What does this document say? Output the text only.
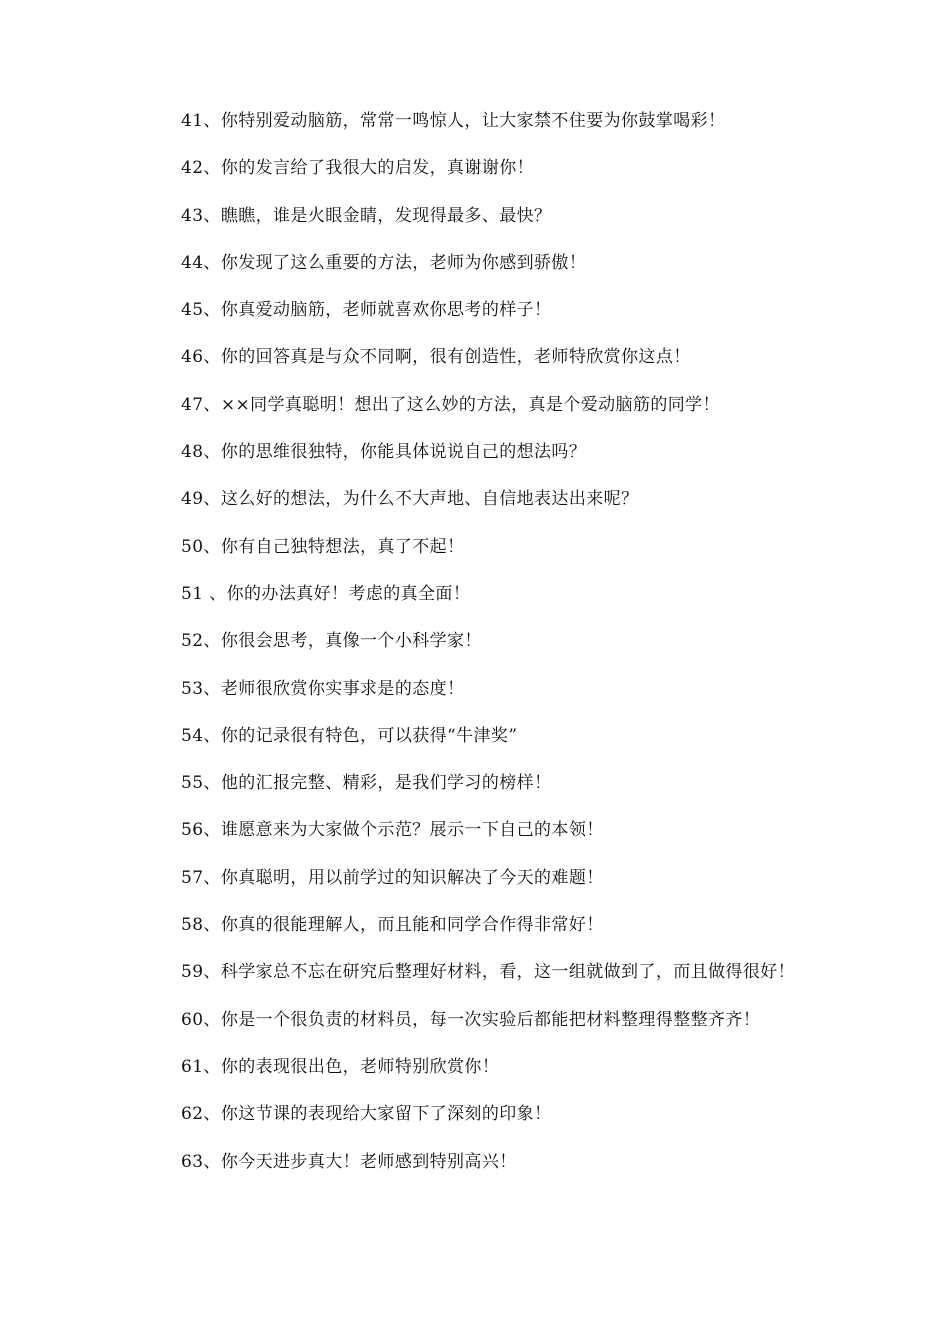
41、你特别爱动脑筋，常常一鸣惊人，让大家禁不住要为你鼓掌喝彩！

42、你的发言给了我很大的启发，真谢谢你！

43、瞧瞧，谁是火眼金睛，发现得最多、最快？

44、你发现了这么重要的方法，老师为你感到骄傲！

45、你真爱动脑筋，老师就喜欢你思考的样子！

46、你的回答真是与众不同啊，很有创造性，老师特欣赏你这点！

47、××同学真聪明！想出了这么妙的方法，真是个爱动脑筋的同学！

48、你的思维很独特，你能具体说说自己的想法吗？

49、这么好的想法，为什么不大声地、自信地表达出来呢？

50、你有自己独特想法，真了不起！

51 、你的办法真好！考虑的真全面！

52、你很会思考，真像一个小科学家！

53、老师很欣赏你实事求是的态度！

54、你的记录很有特色，可以获得“牛津奖”

55、他的汇报完整、精彩，是我们学习的榜样！

56、谁愿意来为大家做个示范？展示一下自己的本领！

57、你真聪明，用以前学过的知识解决了今天的难题！

58、你真的很能理解人，而且能和同学合作得非常好！

59、科学家总不忘在研究后整理好材料，看，这一组就做到了，而且做得很好！

60、你是一个很负责的材料员，每一次实验后都能把材料整理得整整齐齐！

61、你的表现很出色，老师特别欣赏你！

62、你这节课的表现给大家留下了深刻的印象！

63、你今天进步真大！老师感到特别高兴！
